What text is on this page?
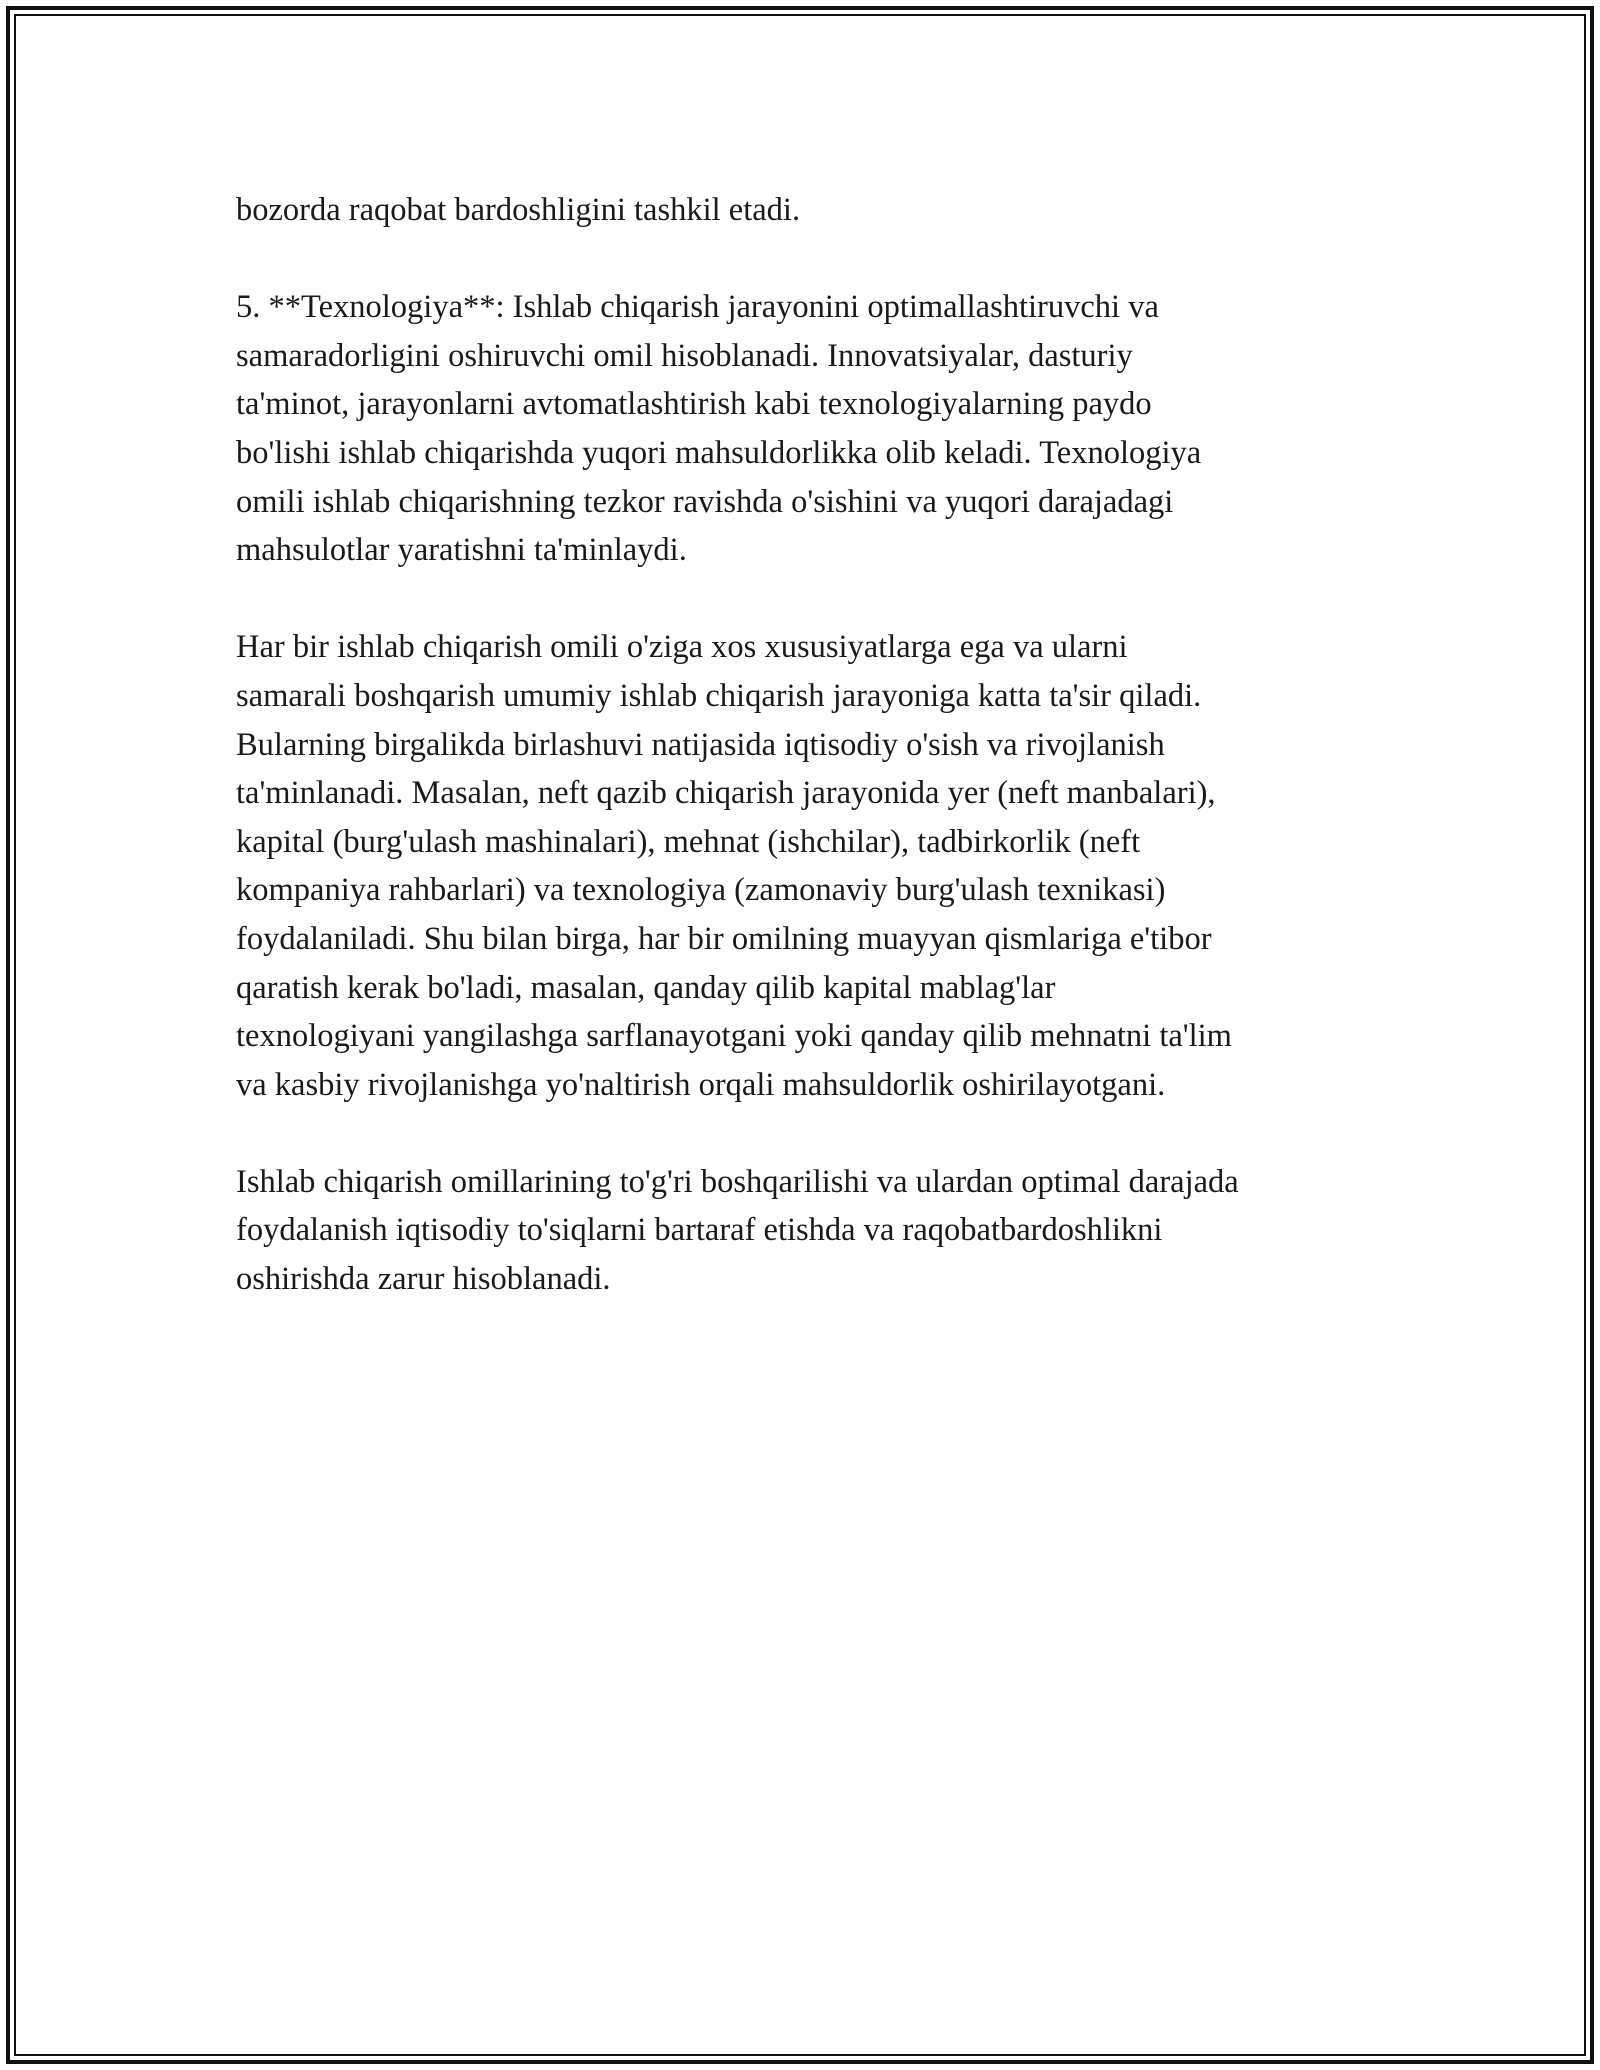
bozorda raqobat bardoshligini tashkil etadi.

5. **Texnologiya**: Ishlab chiqarish jarayonini optimallashtiruvchi va
samaradorligini oshiruvchi omil hisoblanadi. Innovatsiyalar, dasturiy
ta'minot, jarayonlarni avtomatlashtirish kabi texnologiyalarning paydo
bo'lishi ishlab chiqarishda yuqori mahsuldorlikka olib keladi. Texnologiya
omili ishlab chiqarishning tezkor ravishda o'sishini va yuqori darajadagi
mahsulotlar yaratishni ta'minlaydi.

Har bir ishlab chiqarish omili o'ziga xos xususiyatlarga ega va ularni
samarali boshqarish umumiy ishlab chiqarish jarayoniga katta ta'sir qiladi.
Bularning birgalikda birlashuvi natijasida iqtisodiy o'sish va rivojlanish
ta'minlanadi. Masalan, neft qazib chiqarish jarayonida yer (neft manbalari),
kapital (burg'ulash mashinalari), mehnat (ishchilar), tadbirkorlik (neft
kompaniya rahbarlari) va texnologiya (zamonaviy burg'ulash texnikasi)
foydalaniladi. Shu bilan birga, har bir omilning muayyan qismlariga e'tibor
qaratish kerak bo'ladi, masalan, qanday qilib kapital mablag'lar
texnologiyani yangilashga sarflanayotgani yoki qanday qilib mehnatni ta'lim
va kasbiy rivojlanishga yo'naltirish orqali mahsuldorlik oshirilayotgani.

Ishlab chiqarish omillarining to'g'ri boshqarilishi va ulardan optimal darajada
foydalanish iqtisodiy to'siqlarni bartaraf etishda va raqobatbardoshlikni
oshirishda zarur hisoblanadi.
